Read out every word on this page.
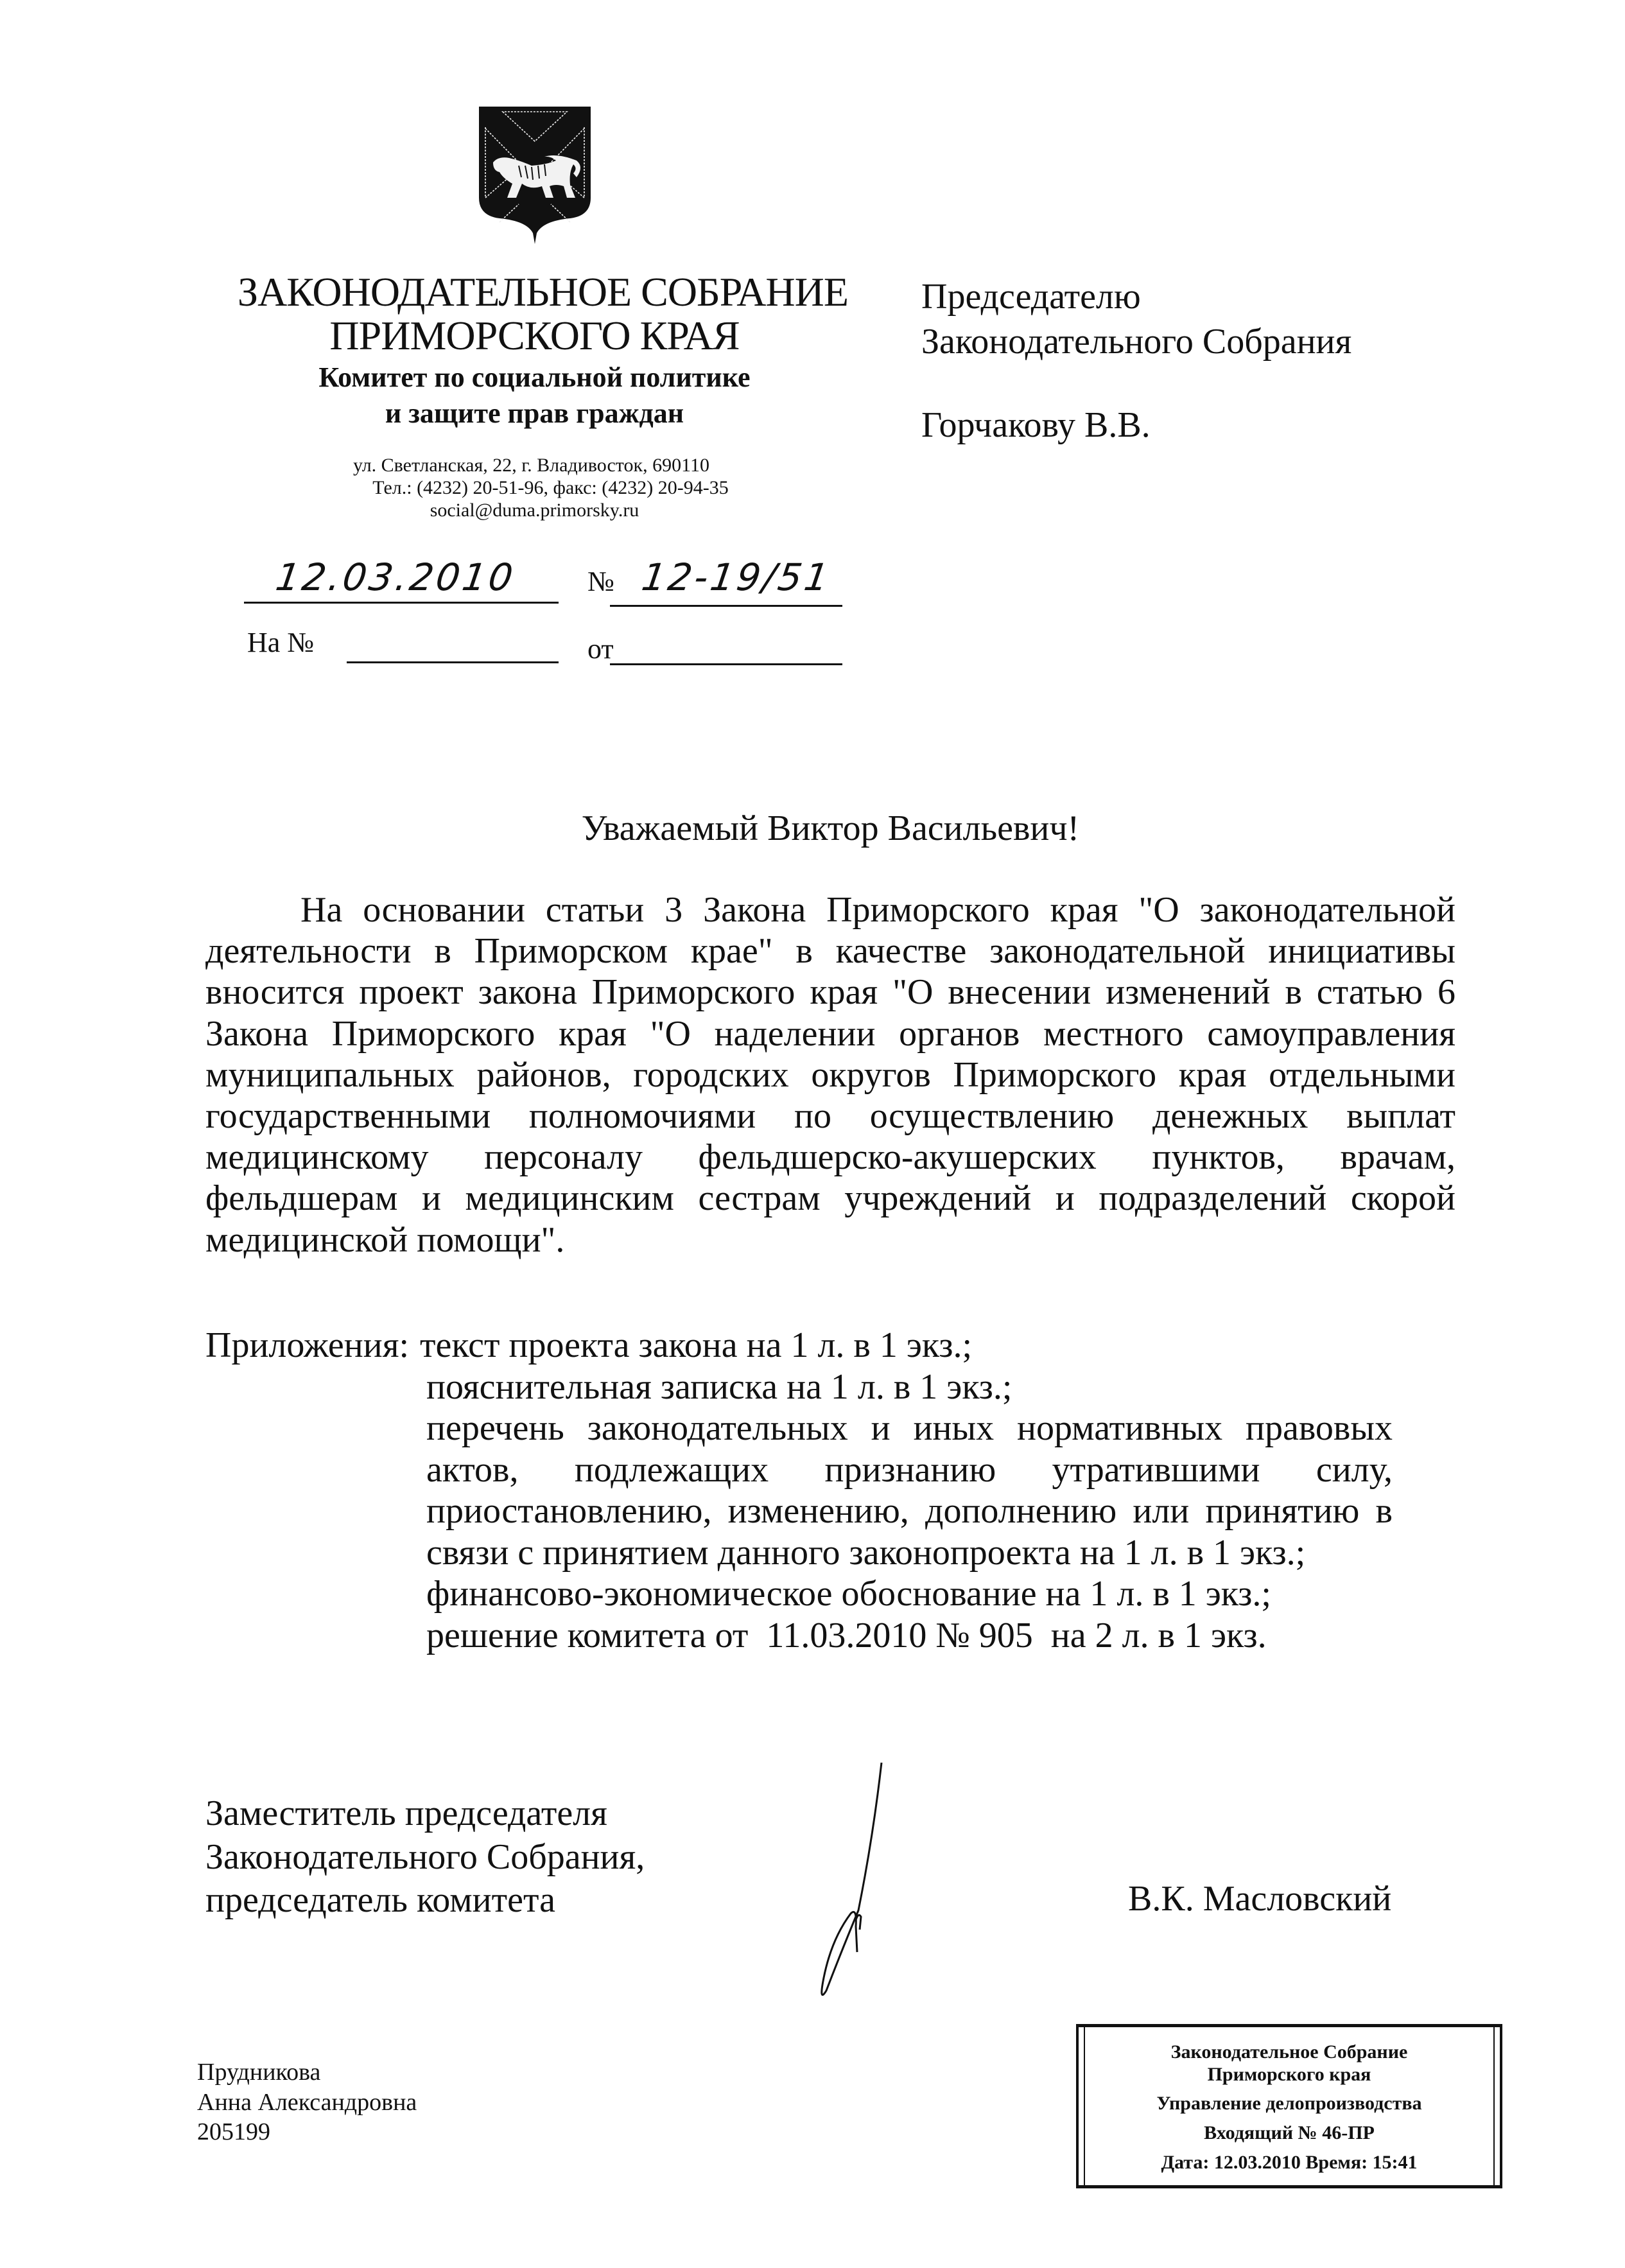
ЗАКОНОДАТЕЛЬНОЕ СОБРАНИЕ
ПРИМОРСКОГО КРАЯ
Комитет по социальной политике
и защите прав граждан
ул. Светланская, 22, г. Владивосток, 690110
Тел.: (4232) 20-51-96, факс: (4232) 20-94-35
social@duma.primorsky.ru
12.03.2010 № 12-19/51
На №	от
Председателю
Законодательного Собрания
Горчакову В.В.
Уважаемый Виктор Васильевич!
На основании статьи 3 Закона Приморского края "О законодательной деятельности в Приморском крае" в качестве законодательной инициативы вносится проект закона Приморского края "О внесении изменений в статью 6 Закона Приморского края "О наделении органов местного самоуправления муниципальных районов, городских округов Приморского края отдельными государственными полномочиями по осуществлению денежных выплат медицинскому персоналу фельдшерско-акушерских пунктов, врачам, фельдшерам и медицинским сестрам учреждений и подразделений скорой медицинской помощи".
Приложения: текст проекта закона на 1 л. в 1 экз.;
пояснительная записка на 1 л. в 1 экз.;
перечень законодательных и иных нормативных правовых актов, подлежащих признанию утратившими силу, приостановлению, изменению, дополнению или принятию в связи с принятием данного законопроекта на 1 л. в 1 экз.;
финансово-экономическое обоснование на 1 л. в 1 экз.;
решение комитета от  11.03.2010 № 905  на 2 л. в 1 экз.
Заместитель председателя
Законодательного Собрания,
председатель комитета	В.К. Масловский
Прудникова
Анна Александровна
205199
Законодательное Собрание
Приморского края
Управление делопроизводства
Входящий № 46-ПР
Дата: 12.03.2010 Время: 15:41
